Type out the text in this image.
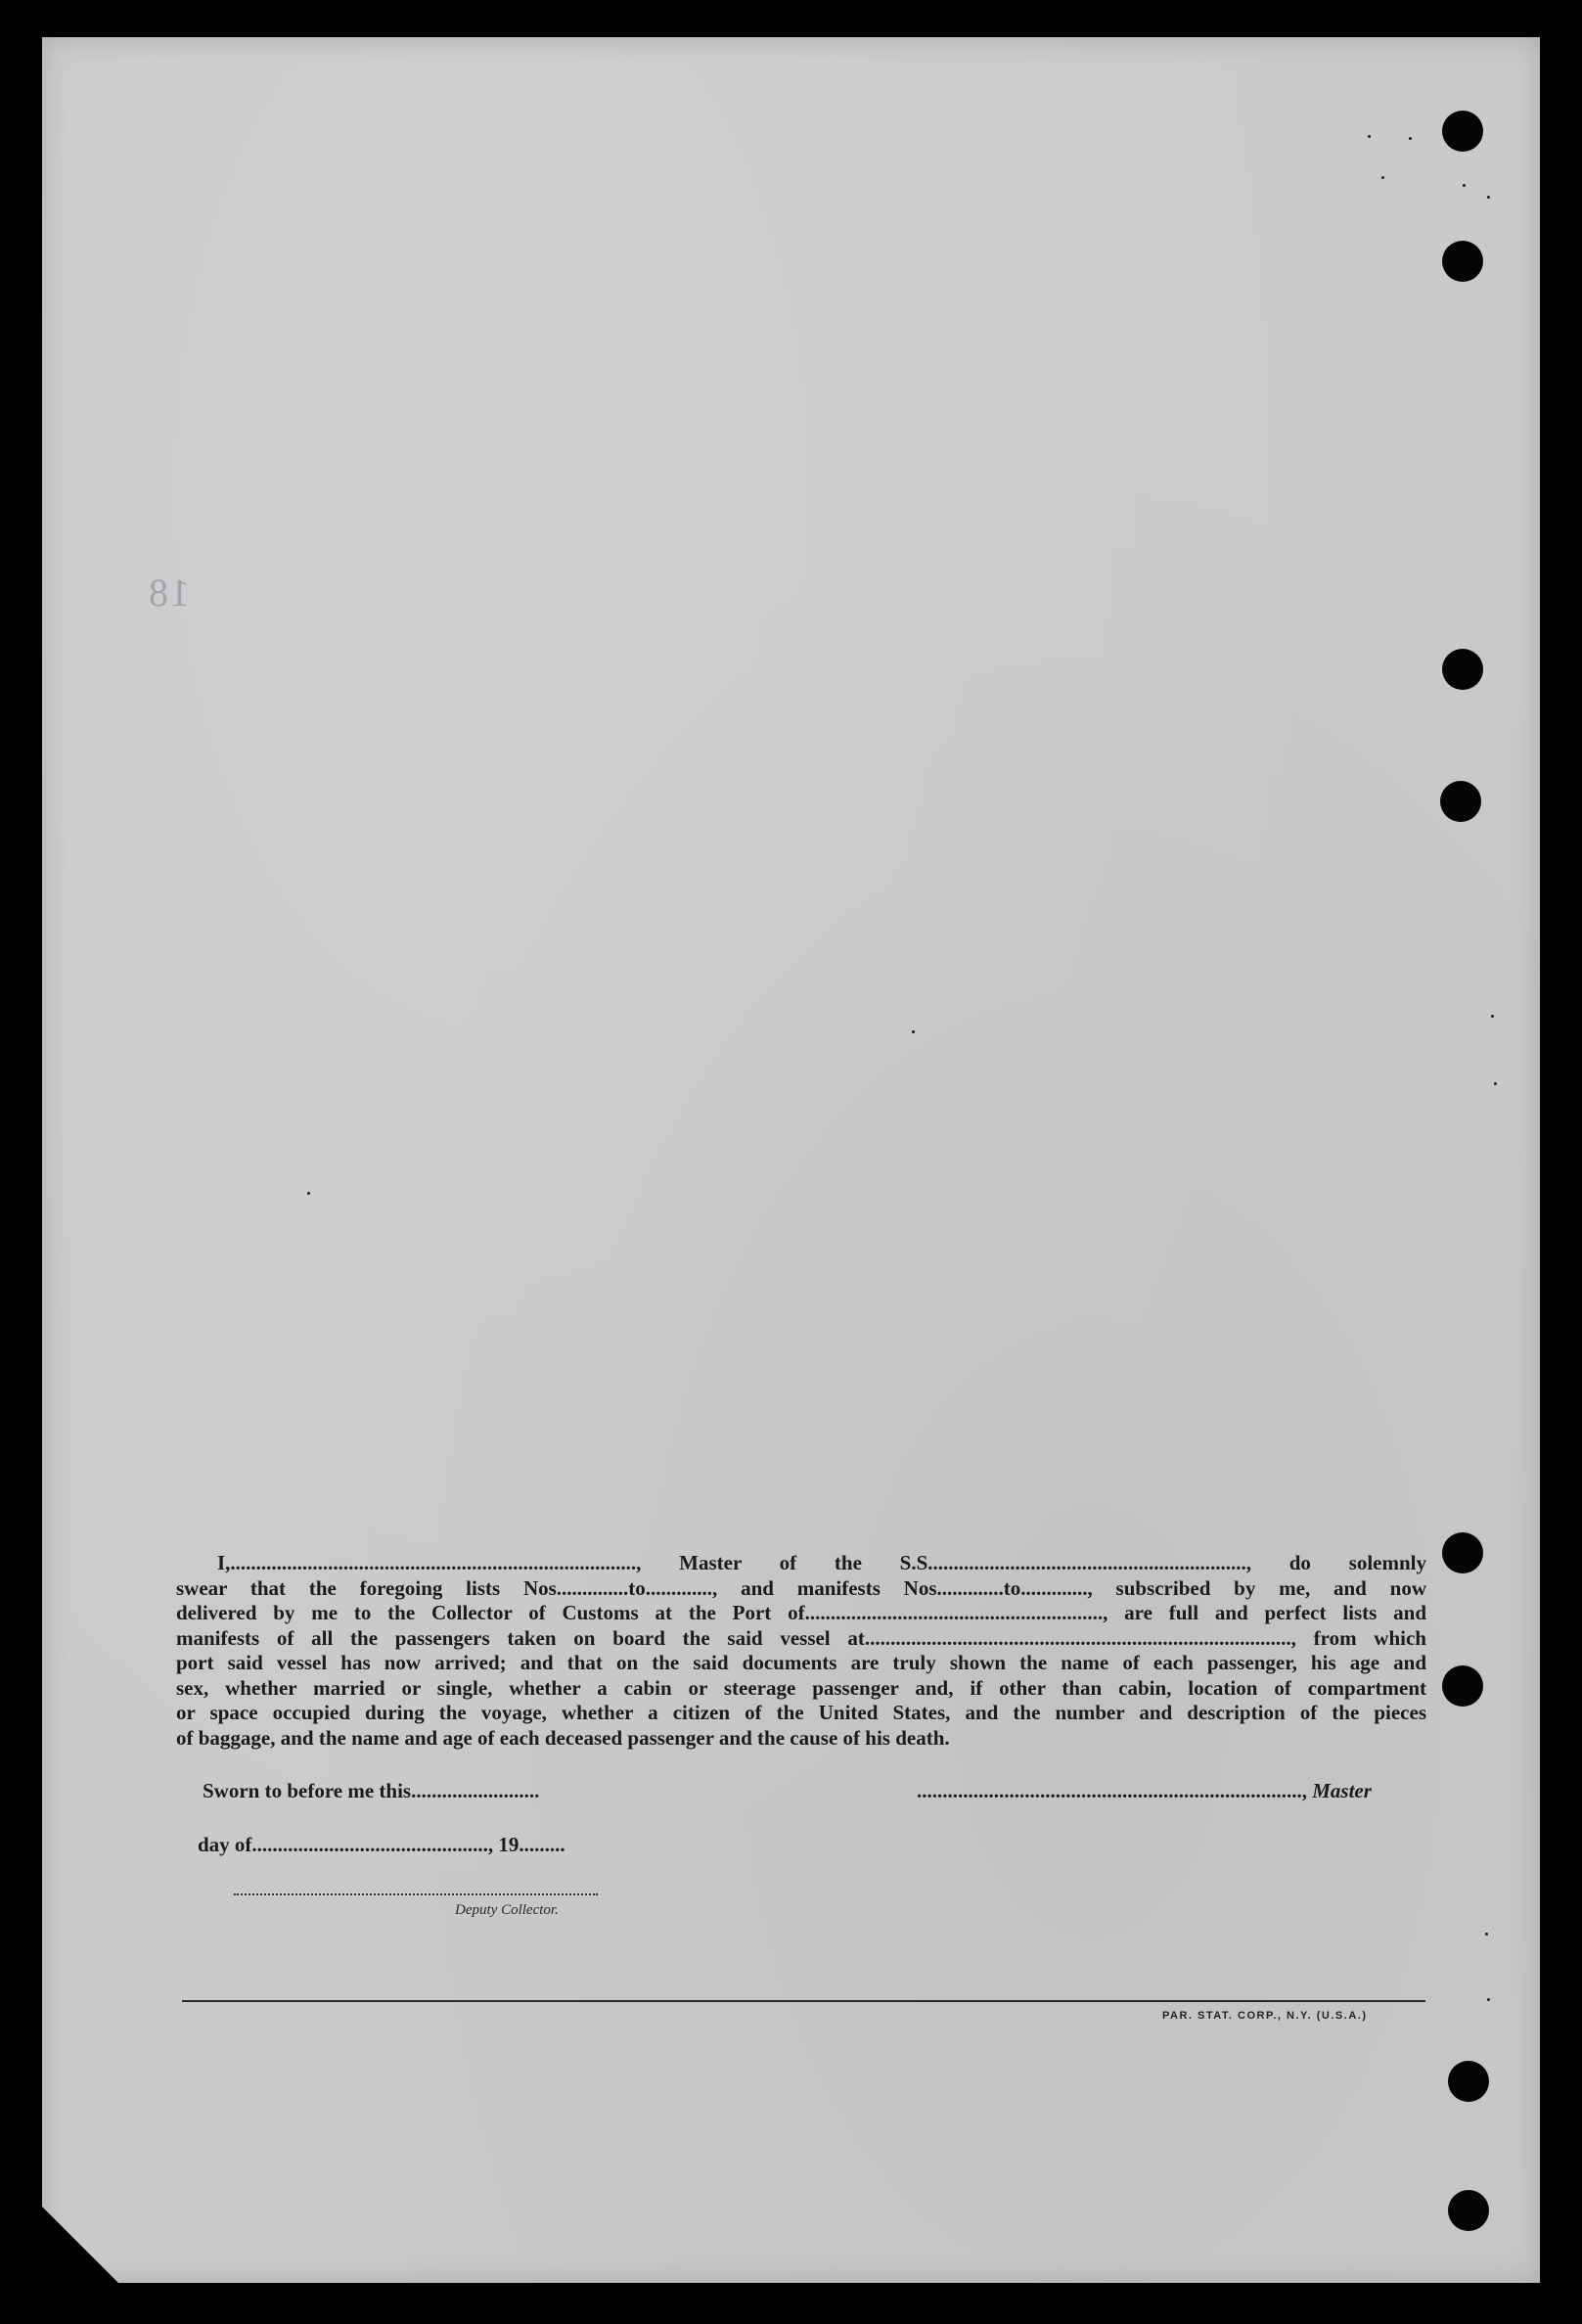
18
I,..............................................................................., Master of the S.S.............................................................., do solemnly
swear that the foregoing lists Nos..............to............., and manifests Nos.............to............., subscribed by me, and now
delivered by me to the Collector of Customs at the Port of.........................................................., are full and perfect lists and
manifests of all the passengers taken on board the said vessel at..................................................................................., from which
port said vessel has now arrived; and that on the said documents are truly shown the name of each passenger, his age and
sex, whether married or single, whether a cabin or steerage passenger and, if other than cabin, location of compartment
or space occupied during the voyage, whether a citizen of the United States, and the number and description of the pieces
of baggage, and the name and age of each deceased passenger and the cause of his death.
Sworn to before me this.........................
day of.............................................., 19.........
..........................................................................., Master
Deputy Collector.
PAR. STAT. CORP., N.Y. (U.S.A.)
